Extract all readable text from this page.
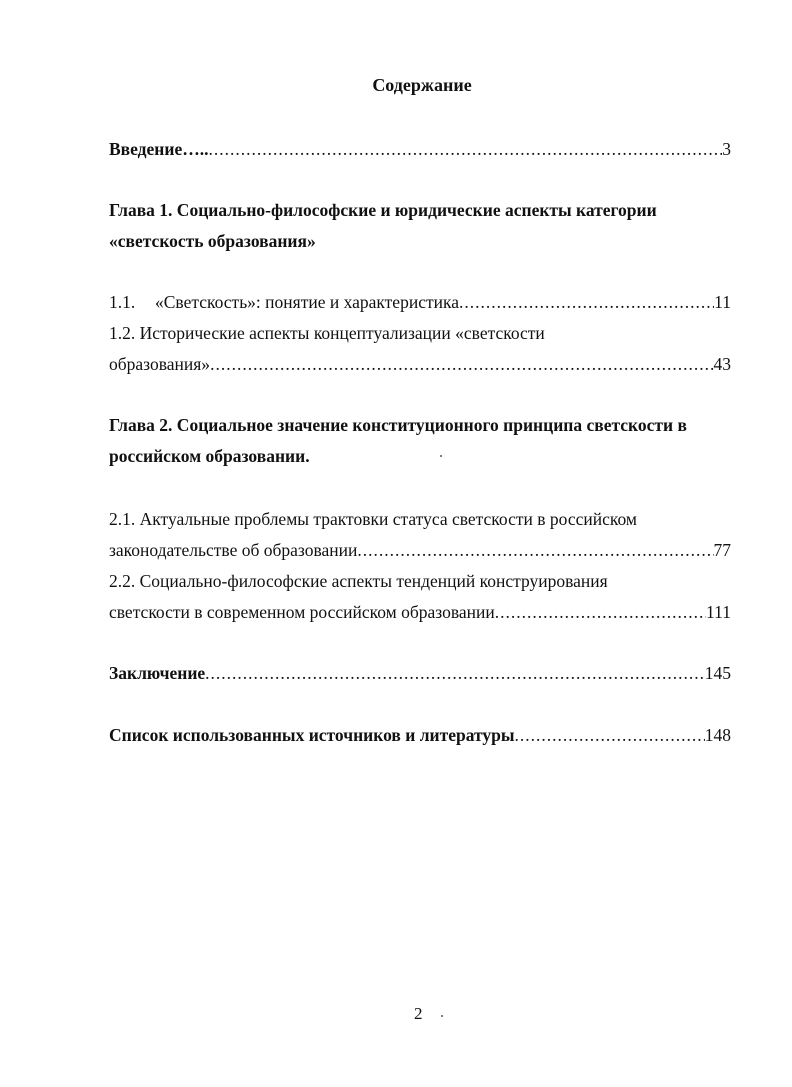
Содержание
Введение….. .....	3
Глава 1. Социально-философские и юридические аспекты категории
«светскость образования»
1.1.	«Светскость»: понятие и характеристика .....	11
1.2. Исторические аспекты концептуализации «светскости
образования» .....	43
Глава 2. Социальное значение конституционного принципа светскости в
российском образовании.
2.1. Актуальные проблемы трактовки статуса светскости в российском
законодательстве об образовании .....	77
2.2. Социально-философские аспекты тенденций конструирования
светскости в современном российском образовании .....	111
Заключение .....	145
Список использованных источников и литературы .....	148
2
